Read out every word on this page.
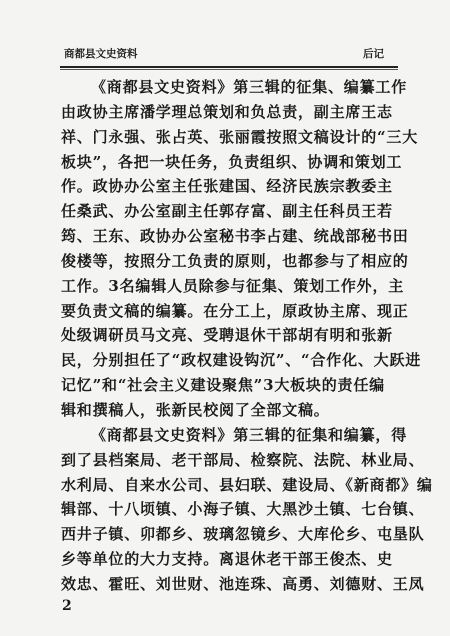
商都县文史资料	后记
《商都县文史资料》第三辑的征集、编纂工作
由政协主席潘学理总策划和负总责，副主席王志
祥、门永强、张占英、张丽霞按照文稿设计的“三大
板块”，各把一块任务，负责组织、协调和策划工
作。政协办公室主任张建国、经济民族宗教委主
任桑武、办公室副主任郭存富、副主任科员王若
筠、王东、政协办公室秘书李占建、统战部秘书田
俊楼等，按照分工负责的原则，也都参与了相应的
工作。3名编辑人员除参与征集、策划工作外，主
要负责文稿的编纂。在分工上，原政协主席、现正
处级调研员马文亮、受聘退休干部胡有明和张新
民，分别担任了“政权建设钩沉”、“合作化、大跃进
记忆”和“社会主义建设聚焦”3大板块的责任编
辑和撰稿人，张新民校阅了全部文稿。
《商都县文史资料》第三辑的征集和编纂，得
到了县档案局、老干部局、检察院、法院、林业局、
水利局、自来水公司、县妇联、建设局、《新商都》编
辑部、十八顷镇、小海子镇、大黑沙土镇、七台镇、
西井子镇、卯都乡、玻璃忽镜乡、大库伦乡、屯垦队
乡等单位的大力支持。离退休老干部王俊杰、史
效忠、霍旺、刘世财、池连珠、高勇、刘德财、王凤
2
